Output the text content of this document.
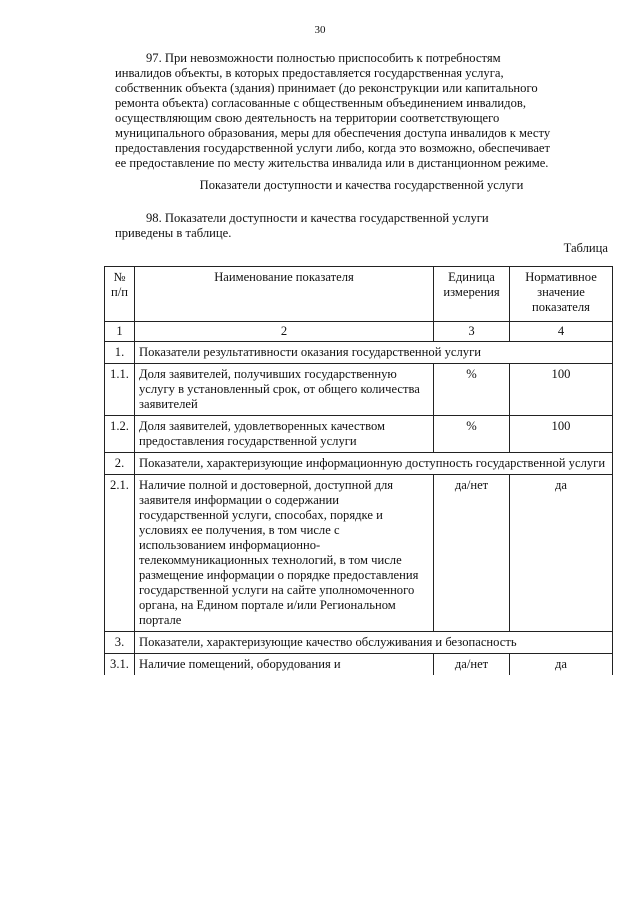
30
97. При невозможности полностью приспособить к потребностям
инвалидов объекты, в которых предоставляется государственная услуга,
собственник объекта (здания) принимает (до реконструкции или капитального
ремонта объекта) согласованные с общественным объединением инвалидов,
осуществляющим свою деятельность на территории соответствующего
муниципального образования, меры для обеспечения доступа инвалидов к месту
предоставления государственной услуги либо, когда это возможно, обеспечивает
ее предоставление по месту жительства инвалида или в дистанционном режиме.
Показатели доступности и качества государственной услуги
98. Показатели доступности и качества государственной услуги
приведены в таблице.
Таблица
№ п/п	Наименование показателя	Единица измерения	Нормативное значение показателя
1	2	3	4
1.	Показатели результативности оказания государственной услуги		
1.1.	Доля заявителей, получивших государственную услугу в установленный срок, от общего количества заявителей	%	100
1.2.	Доля заявителей, удовлетворенных качеством предоставления государственной услуги	%	100
2.	Показатели, характеризующие информационную доступность государственной услуги		
2.1.	Наличие полной и достоверной, доступной для заявителя информации о содержании государственной услуги, способах, порядке и условиях ее получения, в том числе с использованием информационно-телекоммуникационных технологий, в том числе размещение информации о порядке предоставления государственной услуги на сайте уполномоченного органа, на Едином портале и/или Региональном портале	да/нет	да
3.	Показатели, характеризующие качество обслуживания и безопасность		
3.1.	Наличие помещений, оборудования и	да/нет	да
